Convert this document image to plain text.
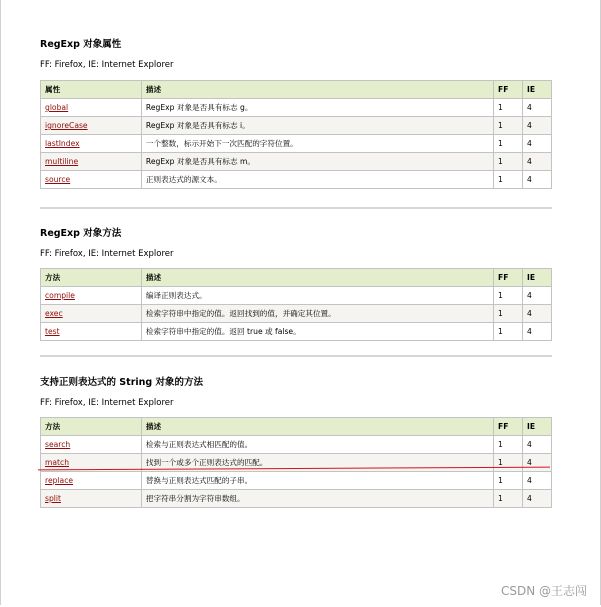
RegExp 对象属性
FF: Firefox, IE: Internet Explorer
属性	描述	FF	IE
global	RegExp 对象是否具有标志 g。	1	4
ignoreCase	RegExp 对象是否具有标志 i。	1	4
lastIndex	一个整数，标示开始下一次匹配的字符位置。	1	4
multiline	RegExp 对象是否具有标志 m。	1	4
source	正则表达式的源文本。	1	4
RegExp 对象方法
FF: Firefox, IE: Internet Explorer
方法	描述	FF	IE
compile	编译正则表达式。	1	4
exec	检索字符串中指定的值。返回找到的值，并确定其位置。	1	4
test	检索字符串中指定的值。返回 true 或 false。	1	4
支持正则表达式的 String 对象的方法
FF: Firefox, IE: Internet Explorer
方法	描述	FF	IE
search	检索与正则表达式相匹配的值。	1	4
match	找到一个或多个正则表达式的匹配。	1	4
replace	替换与正则表达式匹配的子串。	1	4
split	把字符串分割为字符串数组。	1	4
CSDN @王志闯
